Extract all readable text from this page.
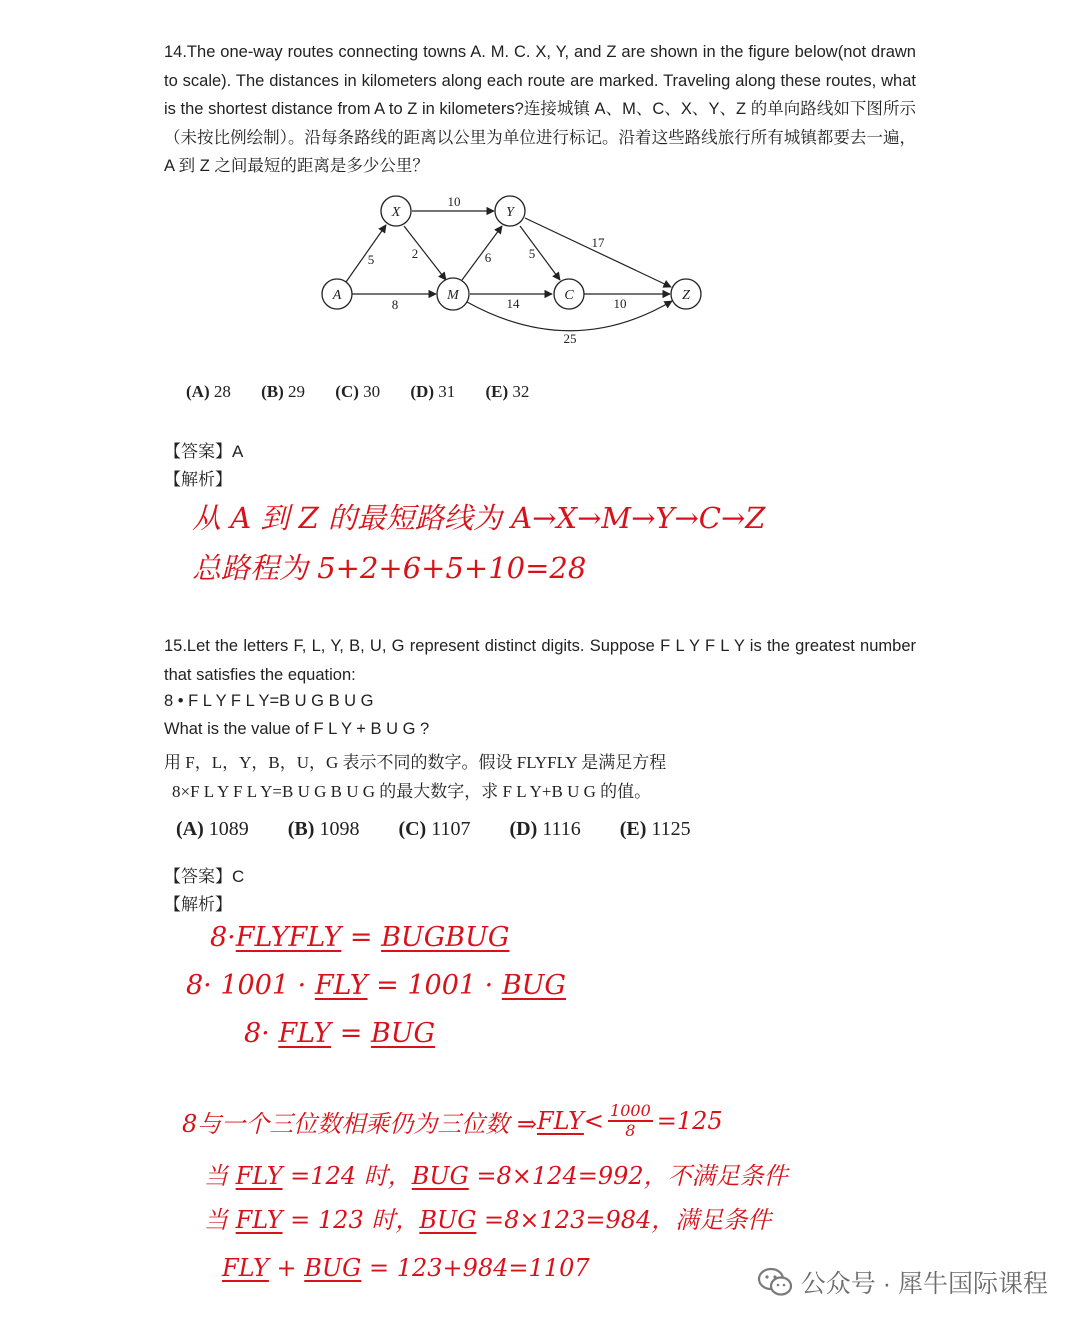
14.The one-way routes connecting towns A. M. C. X, Y, and Z are shown in the figure below(not drawn to scale). The distances in kilometers along each route are marked. Traveling along these routes, what is the shortest distance from A to Z in kilometers?连接城镇 A、M、C、X、Y、Z 的单向路线如下图所示（未按比例绘制）。沿每条路线的距离以公里为单位进行标记。沿着这些路线旅行所有城镇都要去一遍，A 到 Z 之间最短的距离是多少公里？

X	Y
A	M	C	Z
10
5	2	6	5
17
8	14	10
25
(A) 28 (B) 29 (C) 30 (D) 31 (E) 32

【答案】A

【解析】

从 A 到 Z 的最短路线为 A→X→M→Y→C→Z
总路程为 5+2+6+5+10=28

15.Let the letters F, L, Y, B, U, G represent distinct digits. Suppose F L Y F L Y is the greatest number that satisfies the equation:

8 • F L Y F L Y=B U G B U G

What is the value of F L Y + B U G ?

用 F，L，Y，B，U，G 表示不同的数字。假设 FLYFLY 是满足方程

8×F L Y F L Y=B U G B U G 的最大数字，求 F L Y+B U G 的值。

(A) 1089 (B) 1098 (C) 1107 (D) 1116 (E) 1125

【答案】C

【解析】

8·FLYFLY = BUGBUG
8· 1001 · FLY = 1001 · BUG
8· FLY = BUG
8与一个三位数相乘仍为三位数 ⇒ FLY < $\frac{1000}{8} =125$
当 FLY =124 时，BUG =8×124=992，不满足条件
当 FLY = 123 时，BUG =8×123=984，满足条件
FLY + BUG = 123+984=1107
公众号 · 犀牛国际课程
